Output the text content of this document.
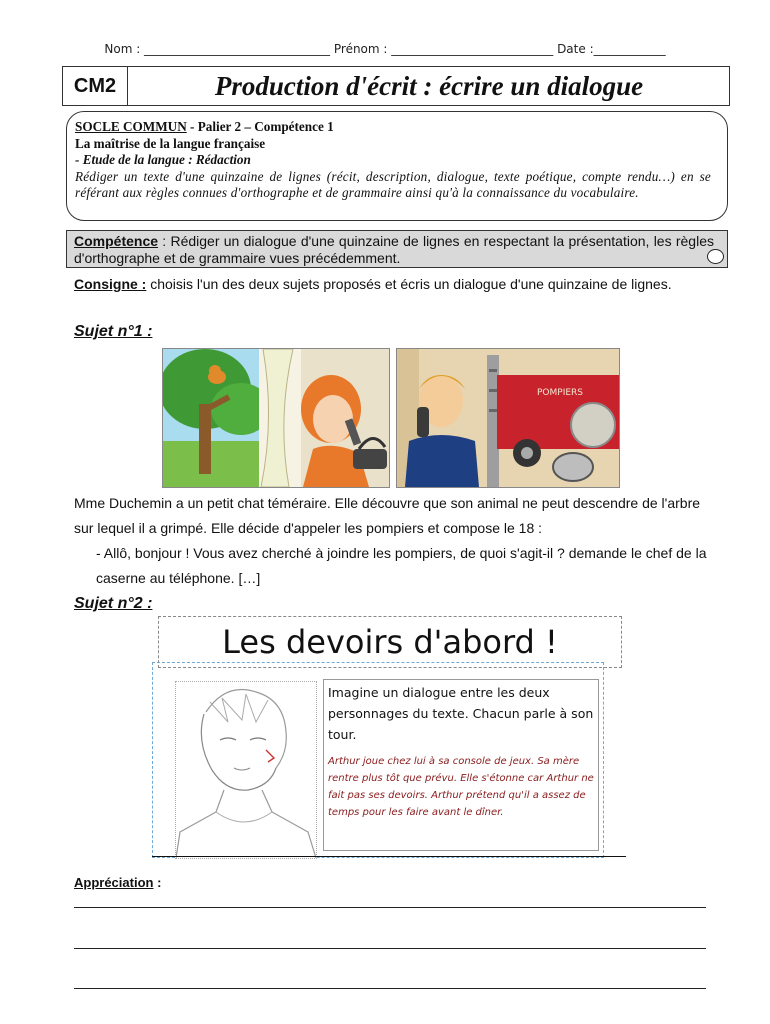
Nom : _______________________________ Prénom : ___________________________ Date :____________
CM2	Production d'écrit : écrire un dialogue
SOCLE COMMUN - Palier 2 – Compétence 1
La maîtrise de la langue française
- Etude de la langue : Rédaction
Rédiger un texte d'une quinzaine de lignes (récit, description, dialogue, texte poétique, compte rendu…) en se référant aux règles connues d'orthographe et de grammaire ainsi qu'à la connaissance du vocabulaire.
Compétence : Rédiger un dialogue d'une quinzaine de lignes en respectant la présentation, les règles d'orthographe et de grammaire vues précédemment.
Consigne : choisis l'un des deux sujets proposés et écris un dialogue d'une quinzaine de lignes.
Sujet n°1 :
POMPIERS

Mme Duchemin a un petit chat téméraire. Elle découvre que son animal ne peut descendre de l'arbre sur lequel il a grimpé. Elle décide d'appeler les pompiers et compose le 18 :

- Allô, bonjour ! Vous avez cherché à joindre les pompiers, de quoi s'agit-il ? demande le chef de la caserne au téléphone. […]

Sujet n°2 :
Les devoirs d'abord !
Imagine un dialogue entre les deux personnages du texte. Chacun parle à son tour.
Arthur joue chez lui à sa console de jeux. Sa mère rentre plus tôt que prévu. Elle s'étonne car Arthur ne fait pas ses devoirs. Arthur prétend qu'il a assez de temps pour les faire avant le dîner.
Appréciation :
